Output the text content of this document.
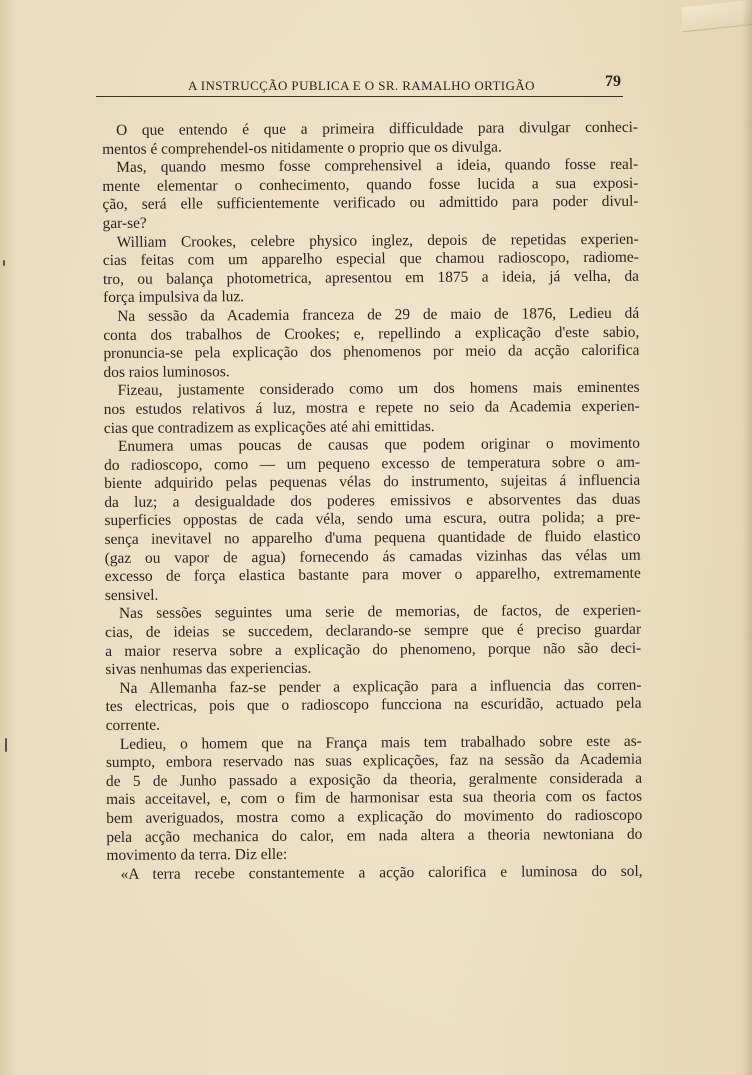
A INSTRUCÇÃO PUBLICA E O SR. RAMALHO ORTIGÃO	79
O que entendo é que a primeira difficuldade para divulgar conheci-
mentos é comprehendel-os nitidamente o proprio que os divulga.
Mas, quando mesmo fosse comprehensivel a ideia, quando fosse real-
mente elementar o conhecimento, quando fosse lucida a sua exposi-
ção, será elle sufficientemente verificado ou admittido para poder divul-
gar-se?
William Crookes, celebre physico inglez, depois de repetidas experien-
cias feitas com um apparelho especial que chamou radioscopo, radiome-
tro, ou balança photometrica, apresentou em 1875 a ideia, já velha, da
força impulsiva da luz.
Na sessão da Academia franceza de 29 de maio de 1876, Ledieu dá
conta dos trabalhos de Crookes; e, repellindo a explicação d'este sabio,
pronuncia-se pela explicação dos phenomenos por meio da acção calorifica
dos raios luminosos.
Fizeau, justamente considerado como um dos homens mais eminentes
nos estudos relativos á luz, mostra e repete no seio da Academia experien-
cias que contradizem as explicações até ahi emittidas.
Enumera umas poucas de causas que podem originar o movimento
do radioscopo, como — um pequeno excesso de temperatura sobre o am-
biente adquirido pelas pequenas vélas do instrumento, sujeitas á influencia
da luz; a desigualdade dos poderes emissivos e absorventes das duas
superficies oppostas de cada véla, sendo uma escura, outra polida; a pre-
sença inevitavel no apparelho d'uma pequena quantidade de fluido elastico
(gaz ou vapor de agua) fornecendo ás camadas vizinhas das vélas um
excesso de força elastica bastante para mover o apparelho, extremamente
sensivel.
Nas sessões seguintes uma serie de memorias, de factos, de experien-
cias, de ideias se succedem, declarando-se sempre que é preciso guardar
a maior reserva sobre a explicação do phenomeno, porque não são deci-
sivas nenhumas das experiencias.
Na Allemanha faz-se pender a explicação para a influencia das corren-
tes electricas, pois que o radioscopo funcciona na escuridão, actuado pela
corrente.
Ledieu, o homem que na França mais tem trabalhado sobre este as-
sumpto, embora reservado nas suas explicações, faz na sessão da Academia
de 5 de Junho passado a exposição da theoria, geralmente considerada a
mais acceitavel, e, com o fim de harmonisar esta sua theoria com os factos
bem averiguados, mostra como a explicação do movimento do radioscopo
pela acção mechanica do calor, em nada altera a theoria newtoniana do
movimento da terra. Diz elle:
«A terra recebe constantemente a acção calorifica e luminosa do sol,
